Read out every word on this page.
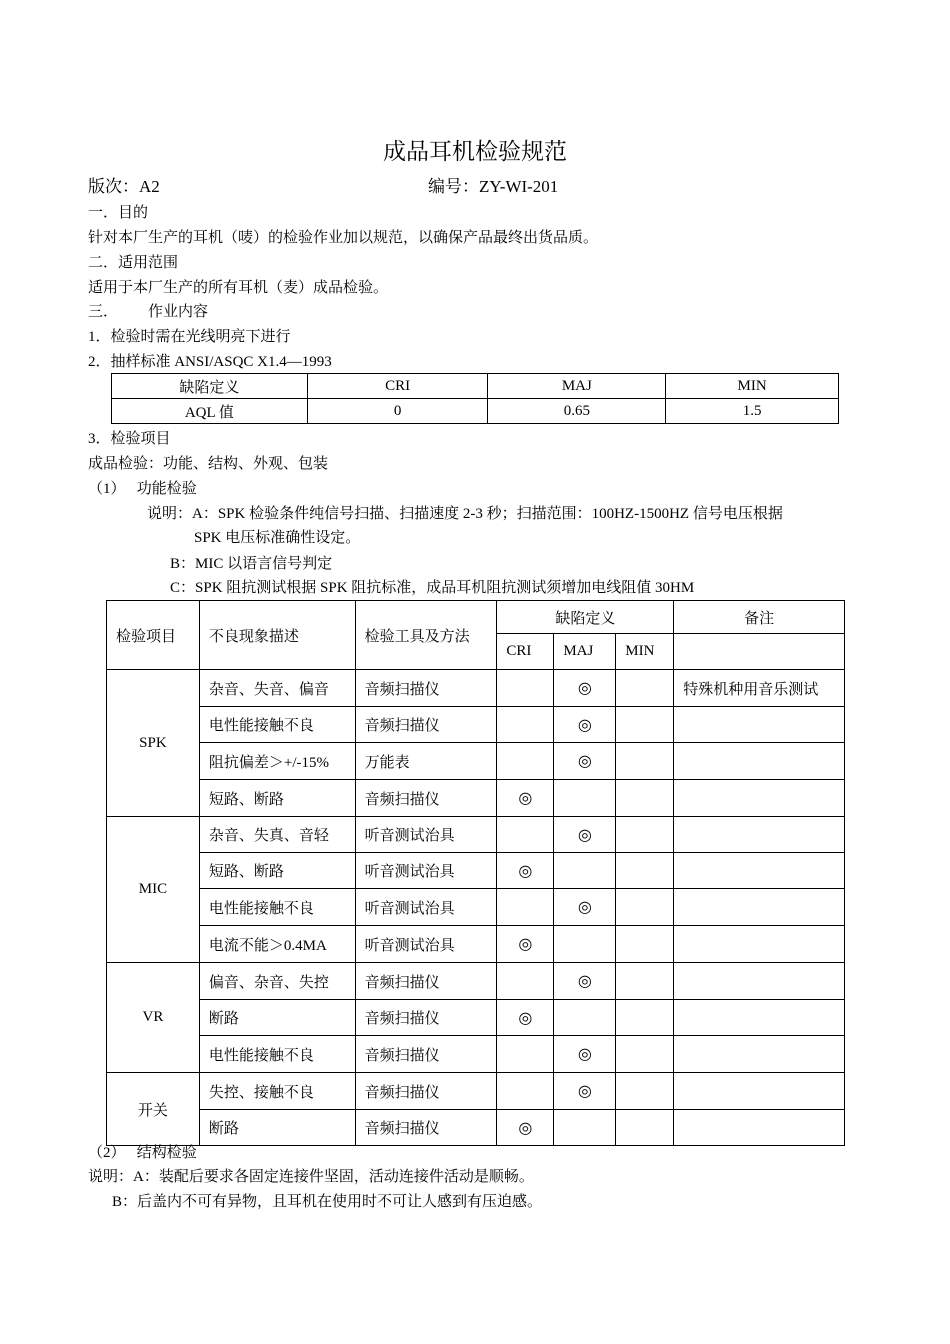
成品耳机检验规范
版次：A2	编号：ZY-WI-201
一．目的
针对本厂生产的耳机（唛）的检验作业加以规范，以确保产品最终出货品质。
二．适用范围
适用于本厂生产的所有耳机（麦）成品检验。
三．        作业内容
1．检验时需在光线明亮下进行
2．抽样标准 ANSI/ASQC X1.4—1993
缺陷定义	CRI	MAJ	MIN
AQL 值	0	0.65	1.5
3．检验项目
成品检验：功能、结构、外观、包装
（1）   功能检验
说明：A：SPK 检验条件纯信号扫描、扫描速度 2-3 秒；扫描范围：100HZ-1500HZ 信号电压根据
SPK 电压标准确性设定。
B：MIC 以语言信号判定
C：SPK 阻抗测试根据 SPK 阻抗标准，成品耳机阻抗测试须增加电线阻值 30HM
检验项目	不良现象描述	检验工具及方法	缺陷定义			备注
			CRI	MAJ	MIN	
SPK	杂音、失音、偏音	音频扫描仪		◎		特殊机种用音乐测试
	电性能接触不良	音频扫描仪		◎		
	阻抗偏差＞+/-15%	万能表		◎		
	短路、断路	音频扫描仪	◎			
MIC	杂音、失真、音轻	听音测试治具		◎		
	短路、断路	听音测试治具	◎			
	电性能接触不良	听音测试治具		◎		
	电流不能＞0.4MA	听音测试治具	◎			
VR	偏音、杂音、失控	音频扫描仪		◎		
	断路	音频扫描仪	◎			
	电性能接触不良	音频扫描仪		◎		
开关	失控、接触不良	音频扫描仪		◎		
	断路	音频扫描仪	◎			
（2）   结构检验
说明：A：装配后要求各固定连接件坚固，活动连接件活动是顺畅。
B：后盖内不可有异物，且耳机在使用时不可让人感到有压迫感。
